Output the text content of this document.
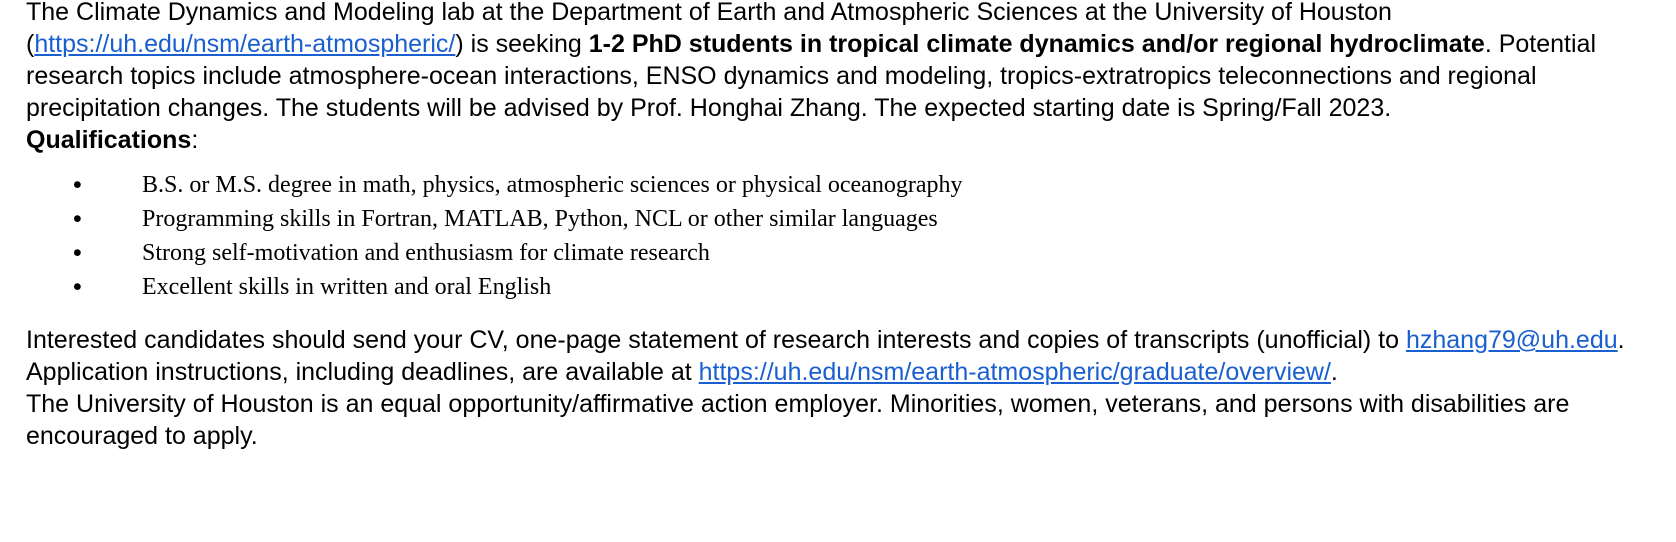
The Climate Dynamics and Modeling lab at the Department of Earth and Atmospheric Sciences at the University of Houston (https://uh.edu/nsm/earth-atmospheric/) is seeking 1-2 PhD students in tropical climate dynamics and/or regional hydroclimate. Potential research topics include atmosphere-ocean interactions, ENSO dynamics and modeling, tropics-extratropics teleconnections and regional precipitation changes. The students will be advised by Prof. Honghai Zhang. The expected starting date is Spring/Fall 2023.

Qualifications:

•	B.S. or M.S. degree in math, physics, atmospheric sciences or physical oceanography
•	Programming skills in Fortran, MATLAB, Python, NCL or other similar languages
•	Strong self-motivation and enthusiasm for climate research
•	Excellent skills in written and oral English

Interested candidates should send your CV, one-page statement of research interests and copies of transcripts (unofficial) to hzhang79@uh.edu. Application instructions, including deadlines, are available at https://uh.edu/nsm/earth-atmospheric/graduate/overview/.

The University of Houston is an equal opportunity/affirmative action employer. Minorities, women, veterans, and persons with disabilities are encouraged to apply.
